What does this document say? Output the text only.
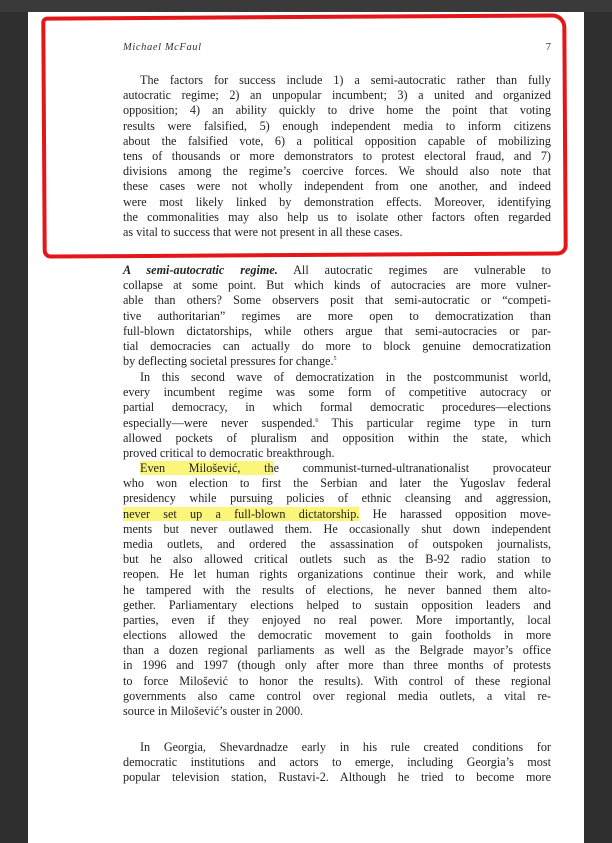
Michael McFaul	7
The factors for success include 1) a semi-autocratic rather than fully
autocratic regime; 2) an unpopular incumbent; 3) a united and organized
opposition; 4) an ability quickly to drive home the point that voting
results were falsified, 5) enough independent media to inform citizens
about the falsified vote, 6) a political opposition capable of mobilizing
tens of thousands or more demonstrators to protest electoral fraud, and 7)
divisions among the regime’s coercive forces. We should also note that
these cases were not wholly independent from one another, and indeed
were most likely linked by demonstration effects. Moreover, identifying
the commonalities may also help us to isolate other factors often regarded
as vital to success that were not present in all these cases.
A semi-autocratic regime. All autocratic regimes are vulnerable to
collapse at some point. But which kinds of autocracies are more vulner-
able than others? Some observers posit that semi-autocratic or “competi-
tive authoritarian” regimes are more open to democratization than
full-blown dictatorships, while others argue that semi-autocracies or par-
tial democracies can actually do more to block genuine democratization
by deflecting societal pressures for change.$^5$
In this second wave of democratization in the postcommunist world,
every incumbent regime was some form of competitive autocracy or
partial democracy, in which formal democratic procedures—elections
especially—were never suspended.$^6$ This particular regime type in turn
allowed pockets of pluralism and opposition within the state, which
proved critical to democratic breakthrough.
Even Milošević, the communist-turned-ultranationalist provocateur
who won election to first the Serbian and later the Yugoslav federal
presidency while pursuing policies of ethnic cleansing and aggression,
never set up a full-blown dictatorship. He harassed opposition move-
ments but never outlawed them. He occasionally shut down independent
media outlets, and ordered the assassination of outspoken journalists,
but he also allowed critical outlets such as the B-92 radio station to
reopen. He let human rights organizations continue their work, and while
he tampered with the results of elections, he never banned them alto-
gether. Parliamentary elections helped to sustain opposition leaders and
parties, even if they enjoyed no real power. More importantly, local
elections allowed the democratic movement to gain footholds in more
than a dozen regional parliaments as well as the Belgrade mayor’s office
in 1996 and 1997 (though only after more than three months of protests
to force Milošević to honor the results). With control of these regional
governments also came control over regional media outlets, a vital re-
source in Milošević’s ouster in 2000.
In Georgia, Shevardnadze early in his rule created conditions for
democratic institutions and actors to emerge, including Georgia’s most
popular television station, Rustavi-2. Although he tried to become more
